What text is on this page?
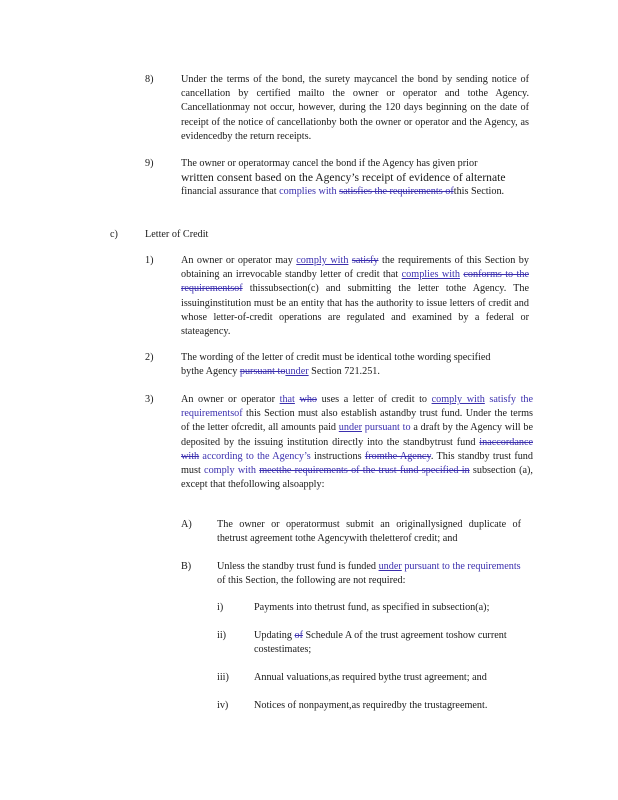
8)	Under the terms of the bond, the surety maycancel the bond by sending notice of cancellation by certified mailto the owner or operator and tothe Agency. Cancellationmay not occur, however, during the 120 days beginning on the date of receipt of the notice of cancellationby both the owner or operator and the Agency, as evidencedby the return receipts.
9)	The owner or operatormay cancel the bond if the Agency has given prior

written consent based on the Agency’s receipt of evidence of alternate

financial assurance that complies with satisfies the requirements ofthis Section.

c)	Letter of Credit
1)	An owner or operator may comply with satisfy the requirements of this Section by obtaining an irrevocable standby letter of credit that complies with conforms to the requirementsof thissubsection(c) and submitting the letter tothe Agency. The issuinginstitution must be an entity that has the authority to issue letters of credit and whose letter-of-credit operations are regulated and examined by a federal or stateagency.
2)	The wording of the letter of credit must be identical tothe wording specified bythe Agency pursuant tounder Section 721.251.
3)	An owner or operator that who uses a letter of credit to comply with satisfy the requirementsof this Section must also establish astandby trust fund. Under the terms of the letter ofcredit, all amounts paid under pursuant to a draft by the Agency will be deposited by the issuing institution directly into the standbytrust fund inaccordance with according to the Agency’s instructions fromthe Agency. This standby trust fund must comply with meetthe requirements of the trust fund specified in subsection (a), except that thefollowing alsoapply:
A) The owner or operatormust submit an originallysigned duplicate of thetrust agreement tothe Agencywith theletterof credit; and
B)	Unless the standby trust fund is funded under pursuant to the requirements of this Section, the following are not required:
i)	Payments into thetrust fund, as specified in subsection(a);
ii)	Updating of Schedule A of the trust agreement toshow current costestimates;
iii) Annual valuations,as required bythe trust agreement; and
iv)	Notices of nonpayment,as requiredby the trustagreement.
